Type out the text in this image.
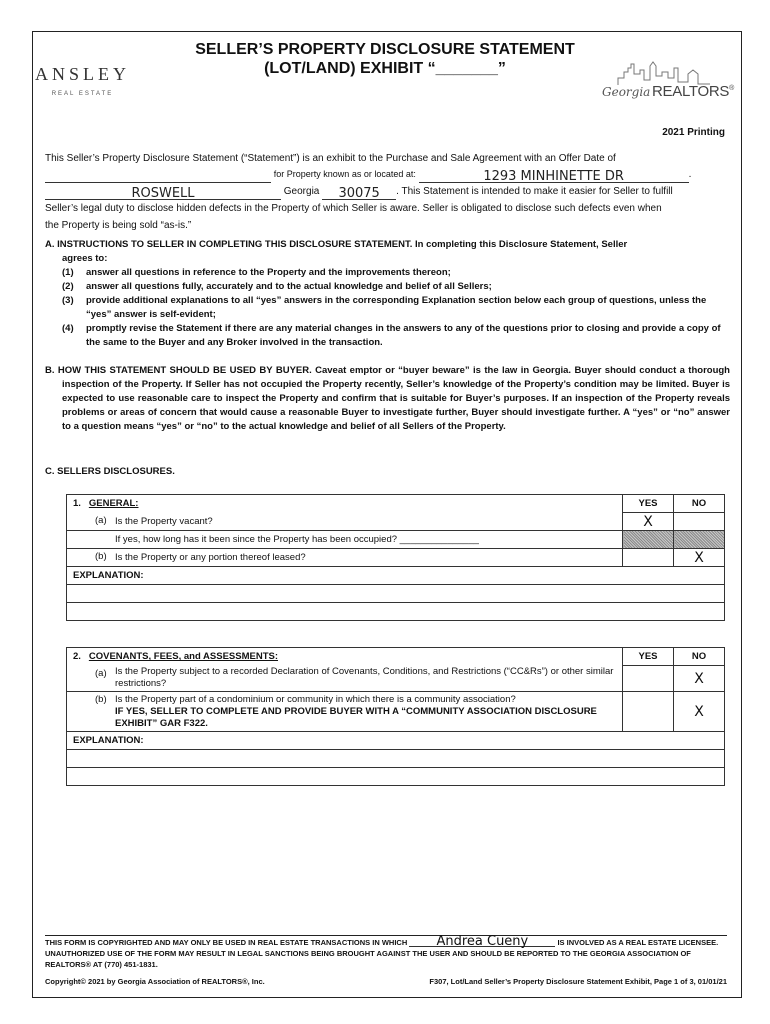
ANSLEY
REAL ESTATE
SELLER’S PROPERTY DISCLOSURE STATEMENT
(LOT/LAND) EXHIBIT “_______”
Georgia REALTORS®
2021 Printing
This Seller’s Property Disclosure Statement (“Statement”) is an exhibit to the Purchase and Sale Agreement with an Offer Date of
for Property known as or located at:	1293 MINHINETTE DR	.
ROSWELL	Georgia 30075 . This Statement is intended to make it easier for Seller to fulfill
Seller’s legal duty to disclose hidden defects in the Property of which Seller is aware. Seller is obligated to disclose such defects even when
the Property is being sold “as-is.”
A. INSTRUCTIONS TO SELLER IN COMPLETING THIS DISCLOSURE STATEMENT. In completing this Disclosure Statement, Seller
agrees to:
(1) answer all questions in reference to the Property and the improvements thereon;
(2) answer all questions fully, accurately and to the actual knowledge and belief of all Sellers;
(3) provide additional explanations to all “yes” answers in the corresponding Explanation section below each group of questions, unless the “yes” answer is self-evident;
(4) promptly revise the Statement if there are any material changes in the answers to any of the questions prior to closing and provide a copy of the same to the Buyer and any Broker involved in the transaction.
B. HOW THIS STATEMENT SHOULD BE USED BY BUYER. Caveat emptor or “buyer beware” is the law in Georgia. Buyer should conduct a thorough inspection of the Property. If Seller has not occupied the Property recently, Seller’s knowledge of the Property’s condition may be limited. Buyer is expected to use reasonable care to inspect the Property and confirm that is suitable for Buyer’s purposes. If an inspection of the Property reveals problems or areas of concern that would cause a reasonable Buyer to investigate further, Buyer should investigate further. A “yes” or “no” answer to a question means “yes” or “no” to the actual knowledge and belief of all Sellers of the Property.
C. SELLERS DISCLOSURES.
1. GENERAL:	YES	NO

(a) Is the Property vacant?	X	
If yes, how long has it been since the Property has been occupied? _______________		

(b) Is the Property or any portion thereof leased?		X
EXPLANATION:		

2. COVENANTS, FEES, and ASSESSMENTS:	YES	NO

(a) Is the Property subject to a recorded Declaration of Covenants, Conditions, and Restrictions (“CC&Rs”) or other similar restrictions?		X

(b) Is the Property part of a condominium or community in which there is a community association?
IF YES, SELLER TO COMPLETE AND PROVIDE BUYER WITH A “COMMUNITY ASSOCIATION DISCLOSURE EXHIBIT” GAR F322.		X
EXPLANATION:		

THIS FORM IS COPYRIGHTED AND MAY ONLY BE USED IN REAL ESTATE TRANSACTIONS IN WHICH Andrea Cueny	IS INVOLVED AS A REAL ESTATE LICENSEE. UNAUTHORIZED USE OF THE FORM MAY RESULT IN LEGAL SANCTIONS BEING BROUGHT AGAINST THE USER AND SHOULD BE REPORTED TO THE GEORGIA ASSOCIATION OF REALTORS® AT (770) 451-1831.
Copyright© 2021 by Georgia Association of REALTORS®, Inc.	F307, Lot/Land Seller’s Property Disclosure Statement Exhibit, Page 1 of 3, 01/01/21
